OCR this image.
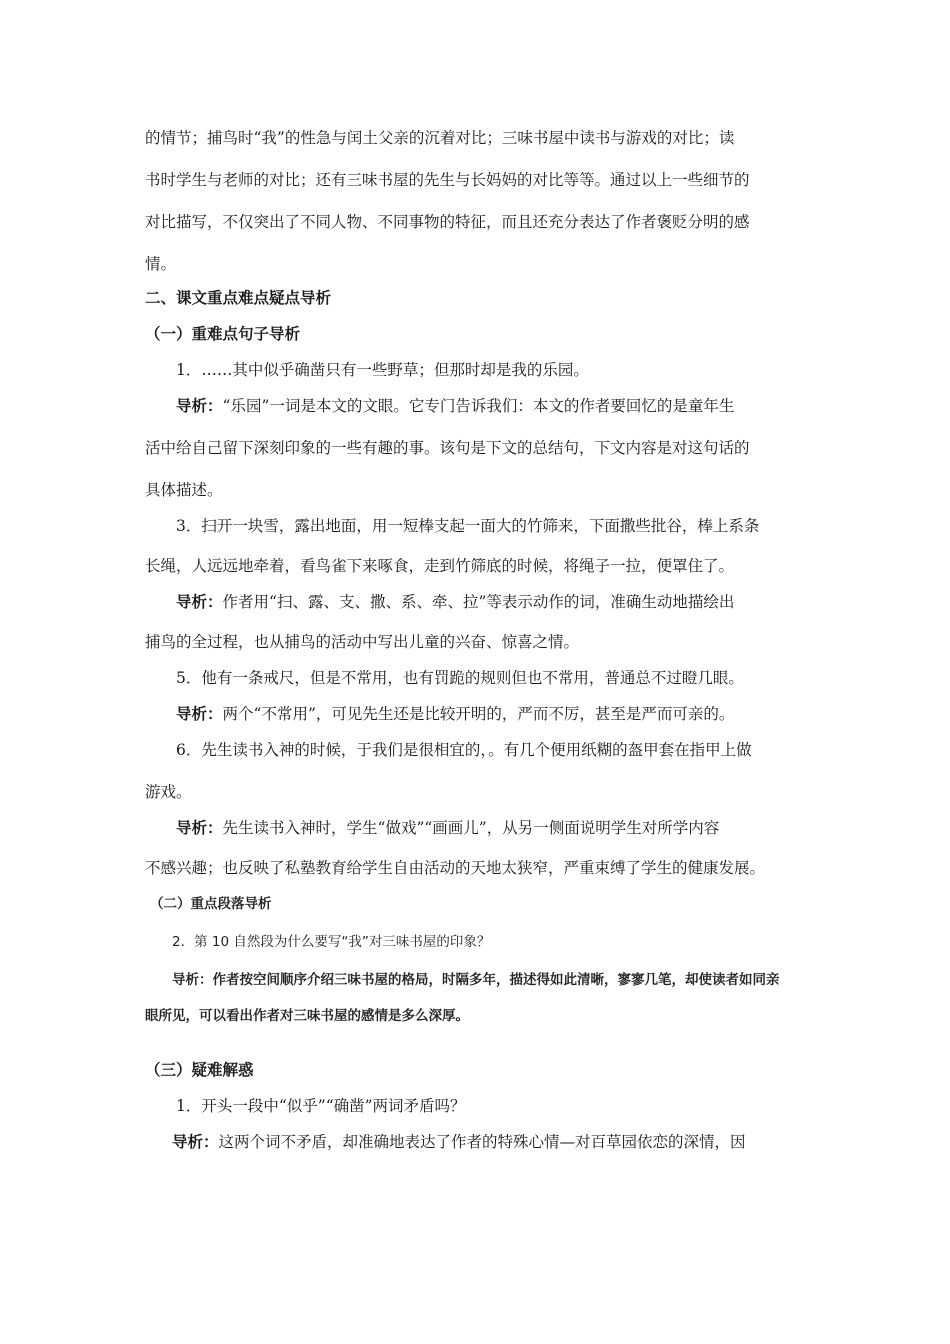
的情节；捕鸟时“我”的性急与闰土父亲的沉着对比；三味书屋中读书与游戏的对比；读
书时学生与老师的对比；还有三味书屋的先生与长妈妈的对比等等。通过以上一些细节的
对比描写，不仅突出了不同人物、不同事物的特征，而且还充分表达了作者褒贬分明的感
情。
二、课文重点难点疑点导析
（一）重难点句子导析
1．……其中似乎确凿只有一些野草；但那时却是我的乐园。
导析：“乐园”一词是本文的文眼。它专门告诉我们：本文的作者要回忆的是童年生
活中给自己留下深刻印象的一些有趣的事。该句是下文的总结句，下文内容是对这句话的
具体描述。
3．扫开一块雪，露出地面，用一短棒支起一面大的竹筛来，下面撒些批谷，棒上系条
长绳，人远远地牵着，看鸟雀下来啄食，走到竹筛底的时候，将绳子一拉，便罩住了。
导析：作者用“扫、露、支、撒、系、牵、拉”等表示动作的词，准确生动地描绘出
捕鸟的全过程，也从捕鸟的活动中写出儿童的兴奋、惊喜之情。
5．他有一条戒尺，但是不常用，也有罚跪的规则但也不常用，普通总不过瞪几眼。
导析：两个“不常用”，可见先生还是比较开明的，严而不厉，甚至是严而可亲的。
6．先生读书入神的时候，于我们是很相宜的，。有几个便用纸糊的盔甲套在指甲上做
游戏。
导析：先生读书入神时，学生“做戏”“画画儿”，从另一侧面说明学生对所学内容
不感兴趣；也反映了私塾教育给学生自由活动的天地太狭窄，严重束缚了学生的健康发展。
（二）重点段落导析
2．第 10 自然段为什么要写“我”对三味书屋的印象？
导析：作者按空间顺序介绍三味书屋的格局，时隔多年，描述得如此清晰，寥寥几笔，却使读者如同亲
眼所见，可以看出作者对三味书屋的感情是多么深厚。
（三）疑难解惑
1．开头一段中“似乎”“确凿”两词矛盾吗？
导析：这两个词不矛盾，却准确地表达了作者的特殊心情—对百草园依恋的深情，因
